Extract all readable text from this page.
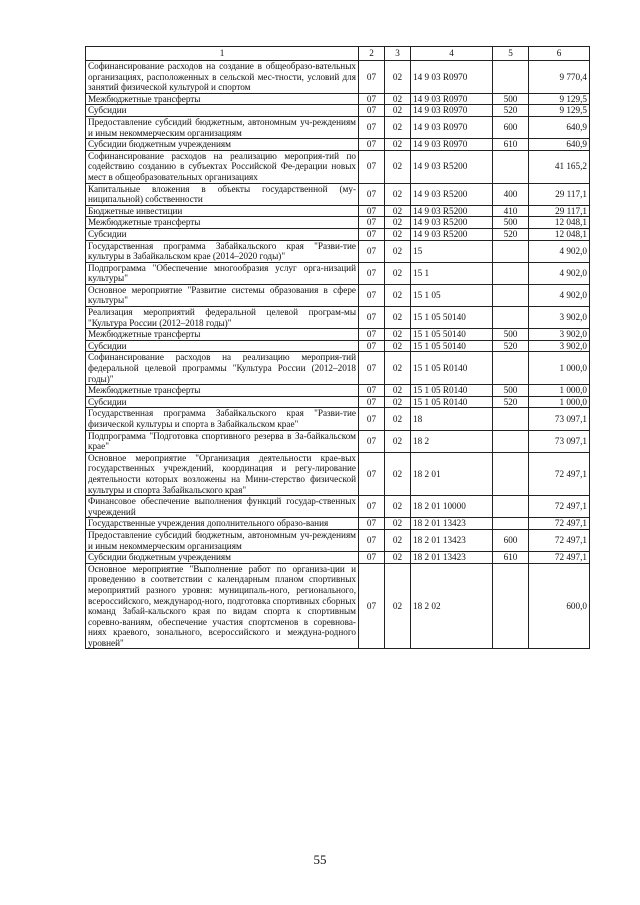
1	2	3	4	5	6
Софинансирование расходов на создание в общеобразо-вательных организациях, расположенных в сельской мес-тности, условий для занятий физической культурой и спортом	07	02	14 9 03 R0970		9 770,4
Межбюджетные трансферты	07	02	14 9 03 R0970	500	9 129,5
Субсидии	07	02	14 9 03 R0970	520	9 129,5
Предоставление субсидий бюджетным, автономным уч-реждениям и иным некоммерческим организациям	07	02	14 9 03 R0970	600	640,9
Субсидии бюджетным учреждениям	07	02	14 9 03 R0970	610	640,9
Софинансирование расходов на реализацию мероприя-тий по содействию созданию в субъектах Российской Фе-дерации новых мест в общеобразовательных организациях	07	02	14 9 03 R5200		41 165,2
Капитальные вложения в объекты государственной (му-ниципальной) собственности	07	02	14 9 03 R5200	400	29 117,1
Бюджетные инвестиции	07	02	14 9 03 R5200	410	29 117,1
Межбюджетные трансферты	07	02	14 9 03 R5200	500	12 048,1
Субсидии	07	02	14 9 03 R5200	520	12 048,1
Государственная программа Забайкальского края "Разви-тие культуры в Забайкальском крае (2014–2020 годы)"	07	02	15		4 902,0
Подпрограмма "Обеспечение многообразия услуг орга-низаций культуры"	07	02	15 1		4 902,0
Основное мероприятие "Развитие системы образования в сфере культуры"	07	02	15 1 05		4 902,0
Реализация мероприятий федеральной целевой програм-мы "Культура России (2012–2018 годы)"	07	02	15 1 05 50140		3 902,0
Межбюджетные трансферты	07	02	15 1 05 50140	500	3 902,0
Субсидии	07	02	15 1 05 50140	520	3 902,0
Софинансирование расходов на реализацию мероприя-тий федеральной целевой программы "Культура России (2012–2018 годы)"	07	02	15 1 05 R0140		1 000,0
Межбюджетные трансферты	07	02	15 1 05 R0140	500	1 000,0
Субсидии	07	02	15 1 05 R0140	520	1 000,0
Государственная программа Забайкальского края "Разви-тие физической культуры и спорта в Забайкальском крае"	07	02	18		73 097,1
Подпрограмма "Подготовка спортивного резерва в За-байкальском крае"	07	02	18 2		73 097,1
Основное мероприятие "Организация деятельности крае-вых государственных учреждений, координация и регу-лирование деятельности которых возложены на Мини-стерство физической культуры и спорта Забайкальского края"	07	02	18 2 01		72 497,1
Финансовое обеспечение выполнения функций государ-ственных учреждений	07	02	18 2 01 10000		72 497,1
Государственные учреждения дополнительного образо-вания	07	02	18 2 01 13423		72 497,1
Предоставление субсидий бюджетным, автономным уч-реждениям и иным некоммерческим организациям	07	02	18 2 01 13423	600	72 497,1
Субсидии бюджетным учреждениям	07	02	18 2 01 13423	610	72 497,1
Основное мероприятие "Выполнение работ по организа-ции и проведению в соответствии с календарным планом спортивных мероприятий разного уровня: муниципаль-ного, регионального, всероссийского, международ-ного, подготовка спортивных сборных команд Забай-кальского края по видам спорта к спортивным соревно-ваниям, обеспечение участия спортсменов в соревнова-ниях краевого, зонального, всероссийского и междуна-родного уровней"	07	02	18 2 02		600,0
55
